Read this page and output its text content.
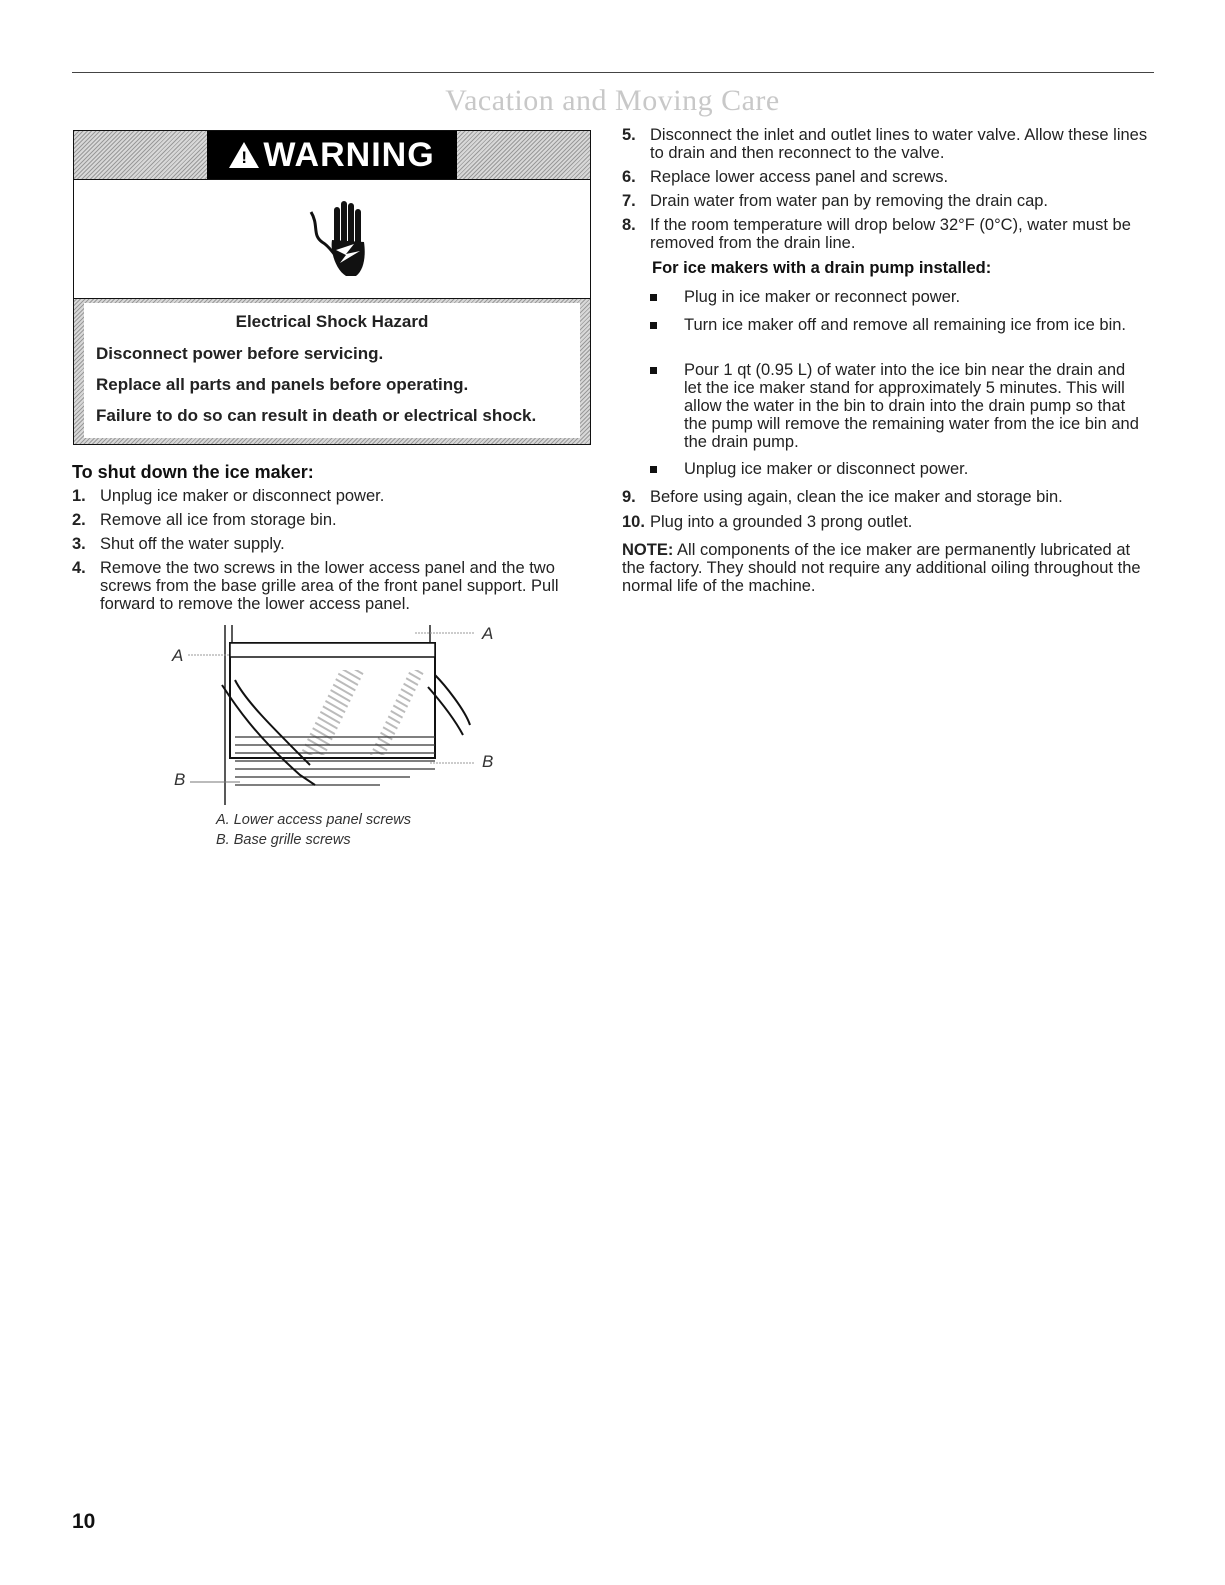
Vacation and Moving Care
!
WARNING
Electrical Shock Hazard
Disconnect power before servicing.
Replace all parts and panels before operating.
Failure to do so can result in death or electrical shock.
To shut down the ice maker:
1. Unplug ice maker or disconnect power.
2. Remove all ice from storage bin.
3. Shut off the water supply.
4. Remove the two screws in the lower access panel and the two screws from the base grille area of the front panel support. Pull forward to remove the lower access panel.
A
A
B
B
A. Lower access panel screws
B. Base grille screws
5. Disconnect the inlet and outlet lines to water valve. Allow these lines to drain and then reconnect to the valve.
6. Replace lower access panel and screws.
7. Drain water from water pan by removing the drain cap.
8. If the room temperature will drop below 32°F (0°C), water must be removed from the drain line.
For ice makers with a drain pump installed:
Plug in ice maker or reconnect power.
Turn ice maker off and remove all remaining ice from ice bin.
Pour 1 qt (0.95 L) of water into the ice bin near the drain and let the ice maker stand for approximately 5 minutes. This will allow the water in the bin to drain into the drain pump so that the pump will remove the remaining water from the ice bin and the drain pump.
Unplug ice maker or disconnect power.
9. Before using again, clean the ice maker and storage bin.
10. Plug into a grounded 3 prong outlet.
NOTE: All components of the ice maker are permanently lubricated at the factory. They should not require any additional oiling throughout the normal life of the machine.
10
